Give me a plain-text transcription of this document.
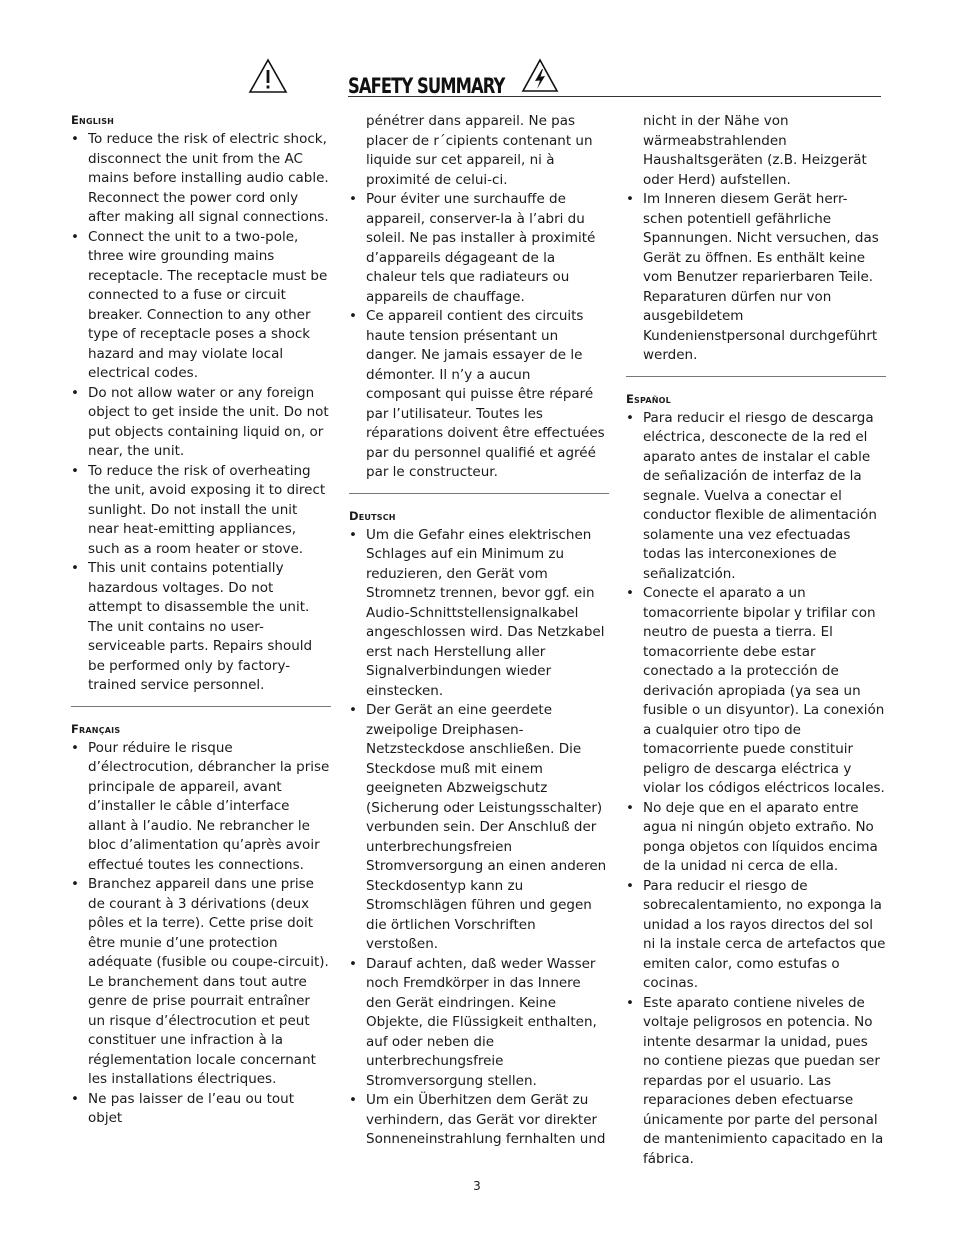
SAFETY SUMMARY
English
• To reduce the risk of electric shock, disconnect the unit from the AC mains before installing audio cable. Reconnect the power cord only after making all signal connections.
• Connect the unit to a two-pole, three wire grounding mains receptacle. The receptacle must be connected to a fuse or circuit breaker. Connection to any other type of receptacle poses a shock hazard and may violate local electrical codes.
• Do not allow water or any foreign object to get inside the unit. Do not put objects containing liquid on, or near, the unit.
• To reduce the risk of overheating the unit, avoid exposing it to direct sunlight. Do not install the unit near heat-emitting appliances, such as a room heater or stove.
• This unit contains potentially hazardous voltages. Do not attempt to disassemble the unit. The unit contains no user-serviceable parts. Repairs should be performed only by factory-trained service personnel.
Français
• Pour réduire le risque d’électrocution, débrancher la prise principale de appareil, avant d’installer le câble d’interface allant à l’audio. Ne rebrancher le bloc d’alimentation qu’après avoir effectué toutes les connections.
• Branchez appareil dans une prise de courant à 3 dérivations (deux pôles et la terre). Cette prise doit être munie d’une protection adéquate (fusible ou coupe-circuit). Le branchement dans tout autre genre de prise pourrait entraîner un risque d’électrocution et peut constituer une infraction à la réglementation locale concernant les installations électriques.
• Ne pas laisser de l’eau ou tout objet
pénétrer dans appareil. Ne pas placer de r´cipients contenant un liquide sur cet appareil, ni à proximité de celui-ci.
• Pour éviter une surchauffe de appareil, conserver-la à l’abri du soleil. Ne pas installer à proximité d’appareils dégageant de la chaleur tels que radiateurs ou appareils de chauffage.
• Ce appareil contient des circuits haute tension présentant un danger. Ne jamais essayer de le démonter. Il n’y a aucun composant qui puisse être réparé par l’utilisateur. Toutes les réparations doivent être effectuées par du personnel qualifié et agréé par le constructeur.
Deutsch
• Um die Gefahr eines elektrischen Schlages auf ein Minimum zu reduzieren, den Gerät vom Stromnetz trennen, bevor ggf. ein Audio-Schnittstellensignalkabel angeschlossen wird. Das Netzkabel erst nach Herstellung aller Signalverbindungen wieder einstecken.
• Der Gerät an eine geerdete zweipolige Dreiphasen-Netzsteckdose anschließen. Die Steckdose muß mit einem geeigneten Abzweigschutz (Sicherung oder Leistungsschalter) verbunden sein. Der Anschluß der unterbrechungsfreien Stromversorgung an einen anderen Steckdosentyp kann zu Stromschlägen führen und gegen die örtlichen Vorschriften verstoßen.
• Darauf achten, daß weder Wasser noch Fremdkörper in das Innere den Gerät eindringen. Keine Objekte, die Flüssigkeit enthalten, auf oder neben die unterbrechungsfreie Stromversorgung stellen.
• Um ein Überhitzen dem Gerät zu verhindern, das Gerät vor direkter Sonneneinstrahlung fernhalten und
nicht in der Nähe von wärmeabstrahlenden Haushaltsgeräten (z.B. Heizgerät oder Herd) aufstellen.
• Im Inneren diesem Gerät herr-schen potentiell gefährliche Spannungen. Nicht versuchen, das Gerät zu öffnen. Es enthält keine vom Benutzer reparierbaren Teile. Reparaturen dürfen nur von ausgebildetem Kundenienstpersonal durchgeführt werden.
Español
• Para reducir el riesgo de descarga eléctrica, desconecte de la red el aparato antes de instalar el cable de señalización de interfaz de la segnale. Vuelva a conectar el conductor flexible de alimentación solamente una vez efectuadas todas las interconexiones de señalizatción.
• Conecte el aparato a un tomacorriente bipolar y trifilar con neutro de puesta a tierra. El tomacorriente debe estar conectado a la protección de derivación apropiada (ya sea un fusible o un disyuntor). La conexión a cualquier otro tipo de tomacorriente puede constituir peligro de descarga eléctrica y violar los códigos eléctricos locales.
• No deje que en el aparato entre agua ni ningún objeto extraño. No ponga objetos con líquidos encima de la unidad ni cerca de ella.
• Para reducir el riesgo de sobrecalentamiento, no exponga la unidad a los rayos directos del sol ni la instale cerca de artefactos que emiten calor, como estufas o cocinas.
• Este aparato contiene niveles de voltaje peligrosos en potencia. No intente desarmar la unidad, pues no contiene piezas que puedan ser repardas por el usuario. Las reparaciones deben efectuarse únicamente por parte del personal de mantenimiento capacitado en la fábrica.
3
